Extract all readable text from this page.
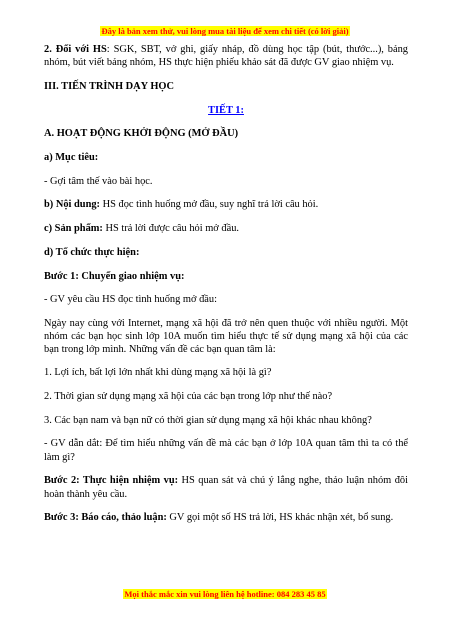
Đây là bản xem thử, vui lòng mua tài liệu để xem chi tiết (có lời giải)

2. Đối với HS: SGK, SBT, vở ghi, giấy nháp, đồ dùng học tập (bút, thước...), bảng nhóm, bút viết bảng nhóm, HS thực hiện phiếu khảo sát đã được GV giao nhiệm vụ.

III. TIẾN TRÌNH DẠY HỌC

TIẾT 1:

A. HOẠT ĐỘNG KHỞI ĐỘNG (MỞ ĐẦU)

a) Mục tiêu:

- Gợi tâm thế vào bài học.

b) Nội dung: HS đọc tình huống mở đầu, suy nghĩ trả lời câu hỏi.

c) Sản phẩm: HS trả lời được câu hỏi mở đầu.

d) Tổ chức thực hiện:

Bước 1: Chuyển giao nhiệm vụ:

- GV yêu cầu HS đọc tình huống mở đầu:

Ngày nay cùng với Internet, mạng xã hội đã trở nên quen thuộc với nhiều người. Một nhóm các bạn học sinh lớp 10A muốn tìm hiểu thực tế sử dụng mạng xã hội của các bạn trong lớp mình. Những vấn đề các bạn quan tâm là:

1. Lợi ích, bất lợi lớn nhất khi dùng mạng xã hội là gì?

2. Thời gian sử dụng mạng xã hội của các bạn trong lớp như thế nào?

3. Các bạn nam và bạn nữ có thời gian sử dụng mạng xã hội khác nhau không?

- GV dẫn dắt: Để tìm hiểu những vấn đề mà các bạn ở lớp 10A quan tâm thì ta có thể làm gì?

Bước 2: Thực hiện nhiệm vụ: HS quan sát và chú ý lắng nghe, thảo luận nhóm đôi hoàn thành yêu cầu.

Bước 3: Báo cáo, thảo luận: GV gọi một số HS trả lời, HS khác nhận xét, bổ sung.

Mọi thắc mắc xin vui lòng liên hệ hotline: 084 283 45 85
